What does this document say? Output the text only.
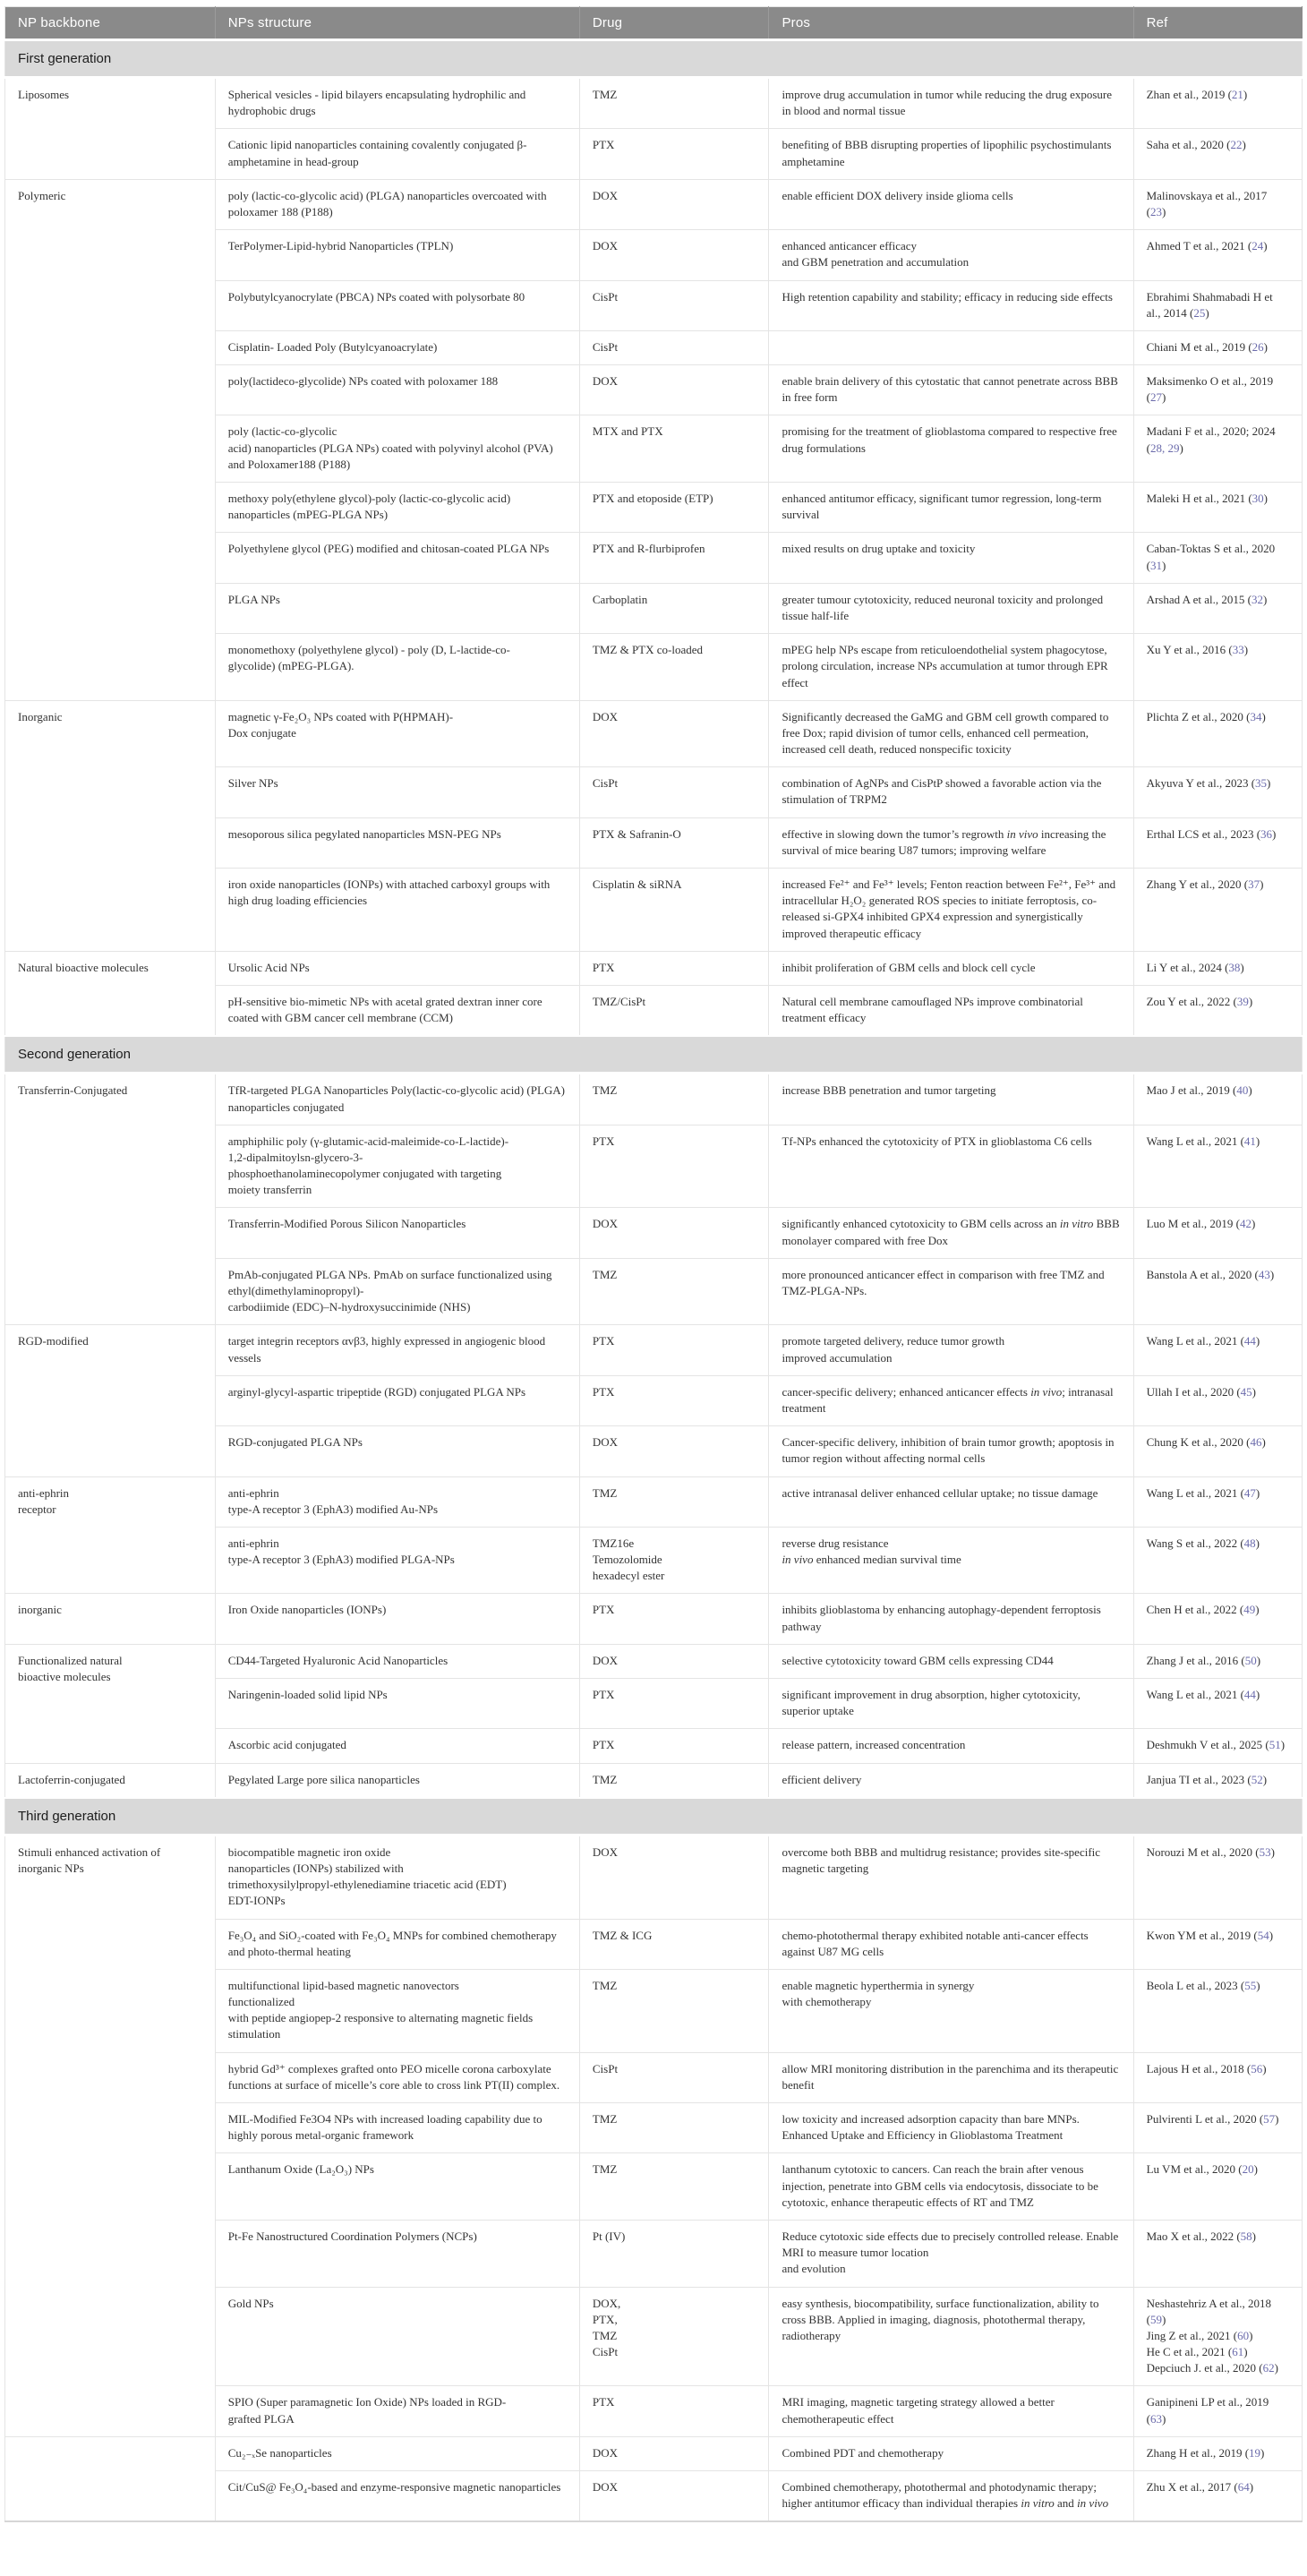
NP backbone	NPs structure	Drug	Pros	Ref
First generation				
Liposomes	Spherical vesicles - lipid bilayers encapsulating hydrophilic and hydrophobic drugs	TMZ	improve drug accumulation in tumor while reducing the drug exposure in blood and normal tissue	Zhan et al., 2019 (21)
	Cationic lipid nanoparticles containing covalently conjugated β-amphetamine in head-group	PTX	benefiting of BBB disrupting properties of lipophilic psychostimulants amphetamine	Saha et al., 2020 (22)
Polymeric	poly (lactic-co-glycolic acid) (PLGA) nanoparticles overcoated with poloxamer 188 (P188)	DOX	enable efficient DOX delivery inside glioma cells	Malinovskaya et al., 2017 (23)
	TerPolymer-Lipid-hybrid Nanoparticles (TPLN)	DOX	enhanced anticancer efficacy
and GBM penetration and accumulation	Ahmed T et al., 2021 (24)
	Polybutylcyanocrylate (PBCA) NPs coated with polysorbate 80	CisPt	High retention capability and stability; efficacy in reducing side effects	Ebrahimi Shahmabadi H et al., 2014 (25)
	Cisplatin- Loaded Poly (Butylcyanoacrylate)	CisPt		Chiani M et al., 2019 (26)
	poly(lactideco-glycolide) NPs coated with poloxamer 188	DOX	enable brain delivery of this cytostatic that cannot penetrate across BBB in free form	Maksimenko O et al., 2019 (27)
	poly (lactic-co-glycolic
acid) nanoparticles (PLGA NPs) coated with polyvinyl alcohol (PVA) and Poloxamer188 (P188)	MTX and PTX	promising for the treatment of glioblastoma compared to respective free drug formulations	Madani F et al., 2020; 2024 (28, 29)
	methoxy poly(ethylene glycol)-poly (lactic-co-glycolic acid)
nanoparticles (mPEG-PLGA NPs)	PTX and etoposide (ETP)	enhanced antitumor efficacy, significant tumor regression, long-term survival	Maleki H et al., 2021 (30)
	Polyethylene glycol (PEG) modified and chitosan-coated PLGA NPs	PTX and R-flurbiprofen	mixed results on drug uptake and toxicity	Caban-Toktas S et al., 2020 (31)
	PLGA NPs	Carboplatin	greater tumour cytotoxicity, reduced neuronal toxicity and prolonged tissue half-life	Arshad A et al., 2015 (32)
	monomethoxy (polyethylene glycol) - poly (D, L-lactide-co-
glycolide) (mPEG-PLGA).	TMZ & PTX co-loaded	mPEG help NPs escape from reticuloendothelial system phagocytose, prolong circulation, increase NPs accumulation at tumor through EPR effect	Xu Y et al., 2016 (33)
Inorganic	magnetic γ-Fe₂O₃ NPs coated with P(HPMAH)-
Dox conjugate	DOX	Significantly decreased the GaMG and GBM cell growth compared to free Dox; rapid division of tumor cells, enhanced cell permeation, increased cell death, reduced nonspecific toxicity	Plichta Z et al., 2020 (34)
	Silver NPs	CisPt	combination of AgNPs and CisPtP showed a favorable action via the stimulation of TRPM2	Akyuva Y et al., 2023 (35)
	mesoporous silica pegylated nanoparticles MSN-PEG NPs	PTX & Safranin-O	effective in slowing down the tumor’s regrowth in vivo increasing the survival of mice bearing U87 tumors; improving welfare	Erthal LCS et al., 2023 (36)
	iron oxide nanoparticles (IONPs) with attached carboxyl groups with high drug loading efficiencies	Cisplatin & siRNA	increased Fe²⁺ and Fe³⁺ levels; Fenton reaction between Fe²⁺, Fe³⁺ and intracellular H₂O₂ generated ROS species to initiate ferroptosis, co-released si-GPX4 inhibited GPX4 expression and synergistically improved therapeutic efficacy	Zhang Y et al., 2020 (37)
Natural bioactive molecules	Ursolic Acid NPs	PTX	inhibit proliferation of GBM cells and block cell cycle	Li Y et al., 2024 (38)
	pH-sensitive bio-mimetic NPs with acetal grated dextran inner core coated with GBM cancer cell membrane (CCM)	TMZ/CisPt	Natural cell membrane camouflaged NPs improve combinatorial treatment efficacy	Zou Y et al., 2022 (39)
Second generation				
Transferrin-Conjugated	TfR-targeted PLGA Nanoparticles Poly(lactic-co-glycolic acid) (PLGA) nanoparticles conjugated	TMZ	increase BBB penetration and tumor targeting	Mao J et al., 2019 (40)
	amphiphilic poly (γ-glutamic-acid-maleimide-co-L-lactide)-
1,2-dipalmitoylsn-glycero-3-
phosphoethanolaminecopolymer conjugated with targeting
moiety transferrin	PTX	Tf-NPs enhanced the cytotoxicity of PTX in glioblastoma C6 cells	Wang L et al., 2021 (41)
	Transferrin-Modified Porous Silicon Nanoparticles	DOX	significantly enhanced cytotoxicity to GBM cells across an in vitro BBB monolayer compared with free Dox	Luo M et al., 2019 (42)
	PmAb-conjugated PLGA NPs. PmAb on surface functionalized using ethyl(dimethylaminopropyl)-
carbodiimide (EDC)–N-hydroxysuccinimide (NHS)	TMZ	more pronounced anticancer effect in comparison with free TMZ and TMZ-PLGA-NPs.	Banstola A et al., 2020 (43)
RGD-modified	target integrin receptors αvβ3, highly expressed in angiogenic blood vessels	PTX	promote targeted delivery, reduce tumor growth
improved accumulation	Wang L et al., 2021 (44)
	arginyl-glycyl-aspartic tripeptide (RGD) conjugated PLGA NPs	PTX	cancer-specific delivery; enhanced anticancer effects in vivo; intranasal treatment	Ullah I et al., 2020 (45)
	RGD-conjugated PLGA NPs	DOX	Cancer-specific delivery, inhibition of brain tumor growth; apoptosis in tumor region without affecting normal cells	Chung K et al., 2020 (46)
anti-ephrin
receptor	anti-ephrin
type-A receptor 3 (EphA3) modified Au-NPs	TMZ	active intranasal deliver enhanced cellular uptake; no tissue damage	Wang L et al., 2021 (47)
	anti-ephrin
type-A receptor 3 (EphA3) modified PLGA-NPs	TMZ16e
Temozolomide
hexadecyl ester	reverse drug resistance
in vivo enhanced median survival time	Wang S et al., 2022 (48)
inorganic	Iron Oxide nanoparticles (IONPs)	PTX	inhibits glioblastoma by enhancing autophagy-dependent ferroptosis pathway	Chen H et al., 2022 (49)
Functionalized natural
bioactive molecules	CD44-Targeted Hyaluronic Acid Nanoparticles	DOX	selective cytotoxicity toward GBM cells expressing CD44	Zhang J et al., 2016 (50)
	Naringenin-loaded solid lipid NPs	PTX	significant improvement in drug absorption, higher cytotoxicity, superior uptake	Wang L et al., 2021 (44)
	Ascorbic acid conjugated	PTX	release pattern, increased concentration	Deshmukh V et al., 2025 (51)
Lactoferrin-conjugated	Pegylated Large pore silica nanoparticles	TMZ	efficient delivery	Janjua TI et al., 2023 (52)
Third generation				
Stimuli enhanced activation of
inorganic NPs	biocompatible magnetic iron oxide
nanoparticles (IONPs) stabilized with
trimethoxysilylpropyl-ethylenediamine triacetic acid (EDT)
EDT-IONPs	DOX	overcome both BBB and multidrug resistance; provides site-specific magnetic targeting	Norouzi M et al., 2020 (53)
	Fe₃O₄ and SiO₂-coated with Fe₃O₄ MNPs for combined chemotherapy and photo-thermal heating	TMZ & ICG	chemo-photothermal therapy exhibited notable anti-cancer effects against U87 MG cells	Kwon YM et al., 2019 (54)
	multifunctional lipid-based magnetic nanovectors
functionalized
with peptide angiopep-2 responsive to alternating magnetic fields stimulation	TMZ	enable magnetic hyperthermia in synergy
with chemotherapy	Beola L et al., 2023 (55)
	hybrid Gd³⁺ complexes grafted onto PEO micelle corona carboxylate functions at surface of micelle’s core able to cross link PT(II) complex.	CisPt	allow MRI monitoring distribution in the parenchima and its therapeutic benefit	Lajous H et al., 2018 (56)
	MIL-Modified Fe3O4 NPs with increased loading capability due to highly porous metal-organic framework	TMZ	low toxicity and increased adsorption capacity than bare MNPs. Enhanced Uptake and Efficiency in Glioblastoma Treatment	Pulvirenti L et al., 2020 (57)
	Lanthanum Oxide (La₂O₃) NPs	TMZ	lanthanum cytotoxic to cancers. Can reach the brain after venous injection, penetrate into GBM cells via endocytosis, dissociate to be cytotoxic, enhance therapeutic effects of RT and TMZ	Lu VM et al., 2020 (20)
	Pt-Fe Nanostructured Coordination Polymers (NCPs)	Pt (IV)	Reduce cytotoxic side effects due to precisely controlled release. Enable MRI to measure tumor location
and evolution	Mao X et al., 2022 (58)
	Gold NPs	DOX,
PTX,
TMZ
CisPt	easy synthesis, biocompatibility, surface functionalization, ability to cross BBB. Applied in imaging, diagnosis, photothermal therapy, radiotherapy	Neshastehriz A et al., 2018 (59)
Jing Z et al., 2021 (60)
He C et al., 2021 (61)
Depciuch J. et al., 2020 (62)
	SPIO (Super paramagnetic Ion Oxide) NPs loaded in RGD-
grafted PLGA	PTX	MRI imaging, magnetic targeting strategy allowed a better chemotherapeutic effect	Ganipineni LP et al., 2019 (63)
	Cu₂₋ₓSe nanoparticles	DOX	Combined PDT and chemotherapy	Zhang H et al., 2019 (19)
	Cit/CuS@ Fe₃O₄-based and enzyme-responsive magnetic nanoparticles	DOX	Combined chemotherapy, photothermal and photodynamic therapy; higher antitumor efficacy than individual therapies in vitro and in vivo	Zhu X et al., 2017 (64)
